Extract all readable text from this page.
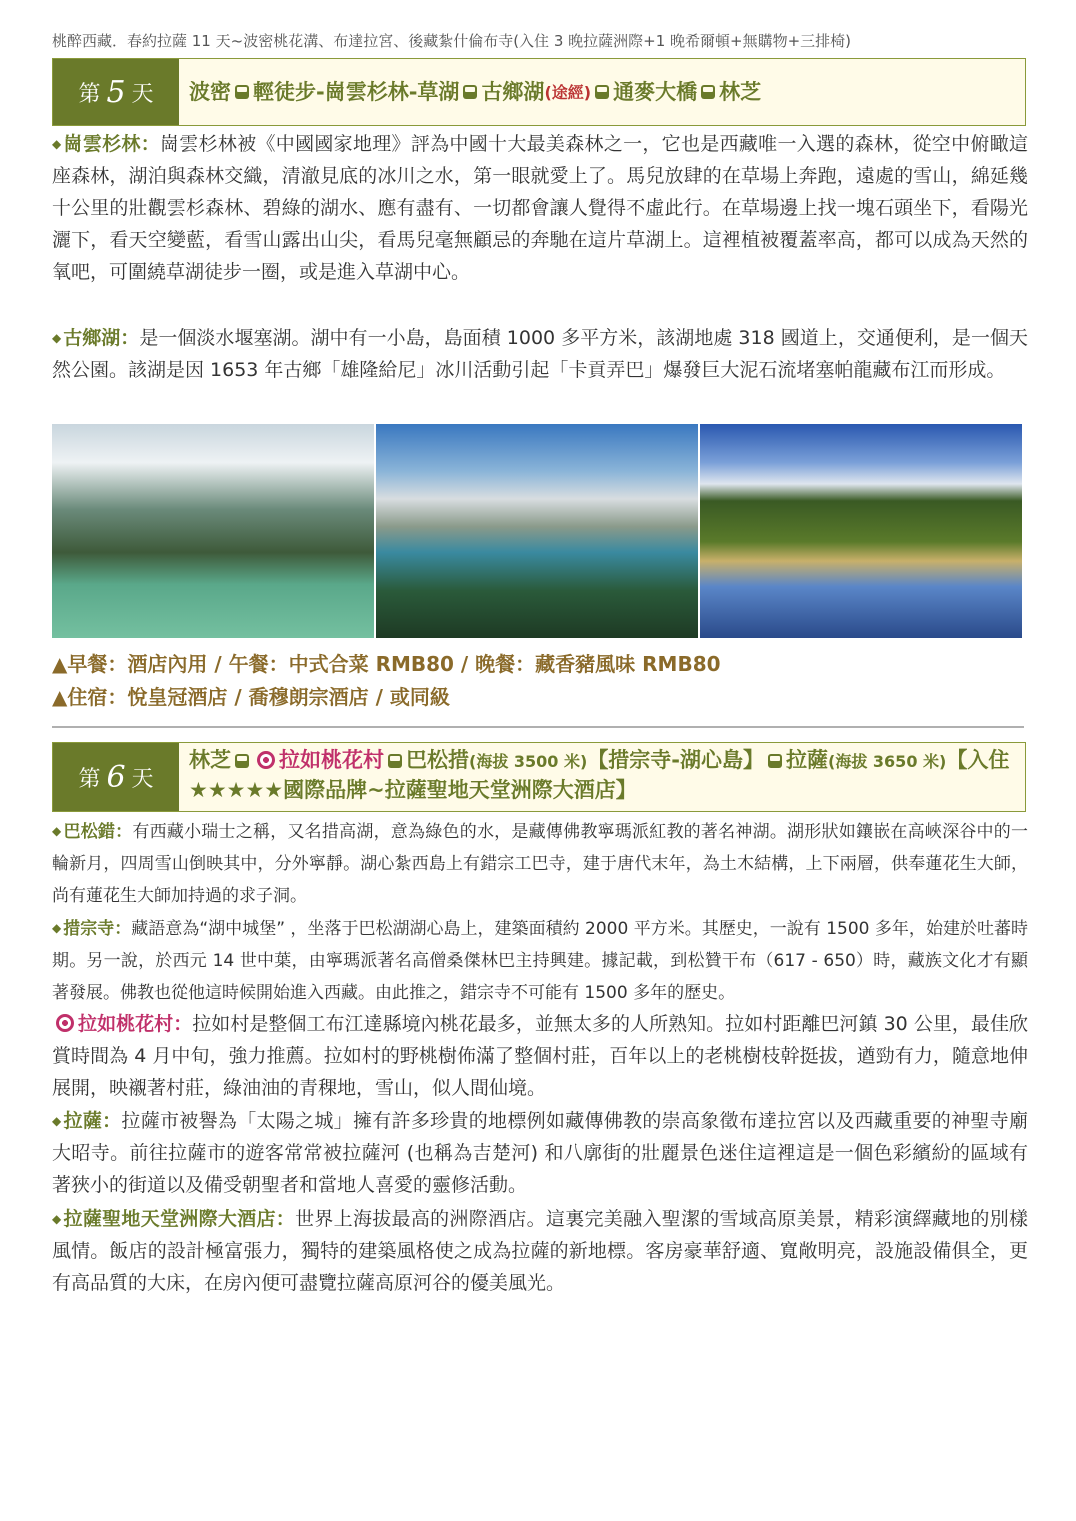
桃醉西藏．春約拉薩 11 天~波密桃花溝、布達拉宮、後藏紮什倫布寺(入住 3 晚拉薩洲際+1 晚希爾頓+無購物+三排椅)
第 5 天 波密 輕徒步-崗雲杉林-草湖 古鄉湖 (途經) 通麥大橋 林芝
◆ 崗雲杉林：崗雲杉林被《中國國家地理》評為中國十大最美森林之一，它也是西藏唯一入選的森林，從空中俯瞰這座森林，湖泊與森林交織，清澈見底的冰川之水，第一眼就愛上了。馬兒放肆的在草場上奔跑，遠處的雪山，綿延幾十公里的壯觀雲杉森林、碧綠的湖水、應有盡有、一切都會讓人覺得不虛此行。在草場邊上找一塊石頭坐下，看陽光灑下，看天空變藍，看雪山露出山尖，看馬兒毫無顧忌的奔馳在這片草湖上。這裡植被覆蓋率高，都可以成為天然的氧吧，可圍繞草湖徒步一圈，或是進入草湖中心。
◆ 古鄉湖：是一個淡水堰塞湖。湖中有一小島，島面積 1000 多平方米，該湖地處 318 國道上，交通便利，是一個天然公園。該湖是因 1653 年古鄉「雄隆給尼」冰川活動引起「卡貢弄巴」爆發巨大泥石流堵塞帕龍藏布江而形成。
▲早餐：酒店內用 / 午餐：中式合菜 RMB80 / 晚餐：藏香豬風味 RMB80
▲住宿：悅皇冠酒店 / 喬穆朗宗酒店 / 或同級
第 6 天
林芝 拉如桃花村 巴松措(海拔 3500 米)【措宗寺-湖心島】 拉薩(海拔 3650 米)【入住★★★★★國際品牌~拉薩聖地天堂洲際大酒店】
◆ 巴松錯：有西藏小瑞士之稱，又名措高湖，意為綠色的水，是藏傳佛教寧瑪派紅教的著名神湖。湖形狀如鑲嵌在高峽深谷中的一輪新月，四周雪山倒映其中，分外寧靜。湖心紮西島上有錯宗工巴寺，建于唐代末年，為土木結構，上下兩層，供奉蓮花生大師，尚有蓮花生大師加持過的求子洞。
◆ 措宗寺：藏語意為“湖中城堡” ，坐落于巴松湖湖心島上，建築面積約 2000 平方米。其歷史，一說有 1500 多年，始建於吐蕃時期。另一說，於西元 14 世中葉，由寧瑪派著名高僧桑傑林巴主持興建。據記載，到松贊干布（617 - 650）時，藏族文化才有顯著發展。佛教也從他這時候開始進入西藏。由此推之，錯宗寺不可能有 1500 多年的歷史。
拉如桃花村：拉如村是整個工布江達縣境內桃花最多，並無太多的人所熟知。拉如村距離巴河鎮 30 公里，最佳欣賞時間為 4 月中旬，強力推薦。拉如村的野桃樹佈滿了整個村莊，百年以上的老桃樹枝幹挺拔，遒勁有力，隨意地伸展開，映襯著村莊，綠油油的青稞地，雪山，似人間仙境。
◆ 拉薩：拉薩市被譽為「太陽之城」擁有許多珍貴的地標例如藏傳佛教的崇高象徵布達拉宮以及西藏重要的神聖寺廟大昭寺。前往拉薩市的遊客常常被拉薩河 (也稱為吉楚河) 和八廓街的壯麗景色迷住這裡這是一個色彩繽紛的區域有著狹小的街道以及備受朝聖者和當地人喜愛的靈修活動。
◆ 拉薩聖地天堂洲際大酒店：世界上海拔最高的洲際酒店。這裏完美融入聖潔的雪域高原美景，精彩演繹藏地的別樣風情。飯店的設計極富張力，獨特的建築風格使之成為拉薩的新地標。客房豪華舒適、寬敞明亮，設施設備俱全，更有高品質的大床，在房內便可盡覽拉薩高原河谷的優美風光。
